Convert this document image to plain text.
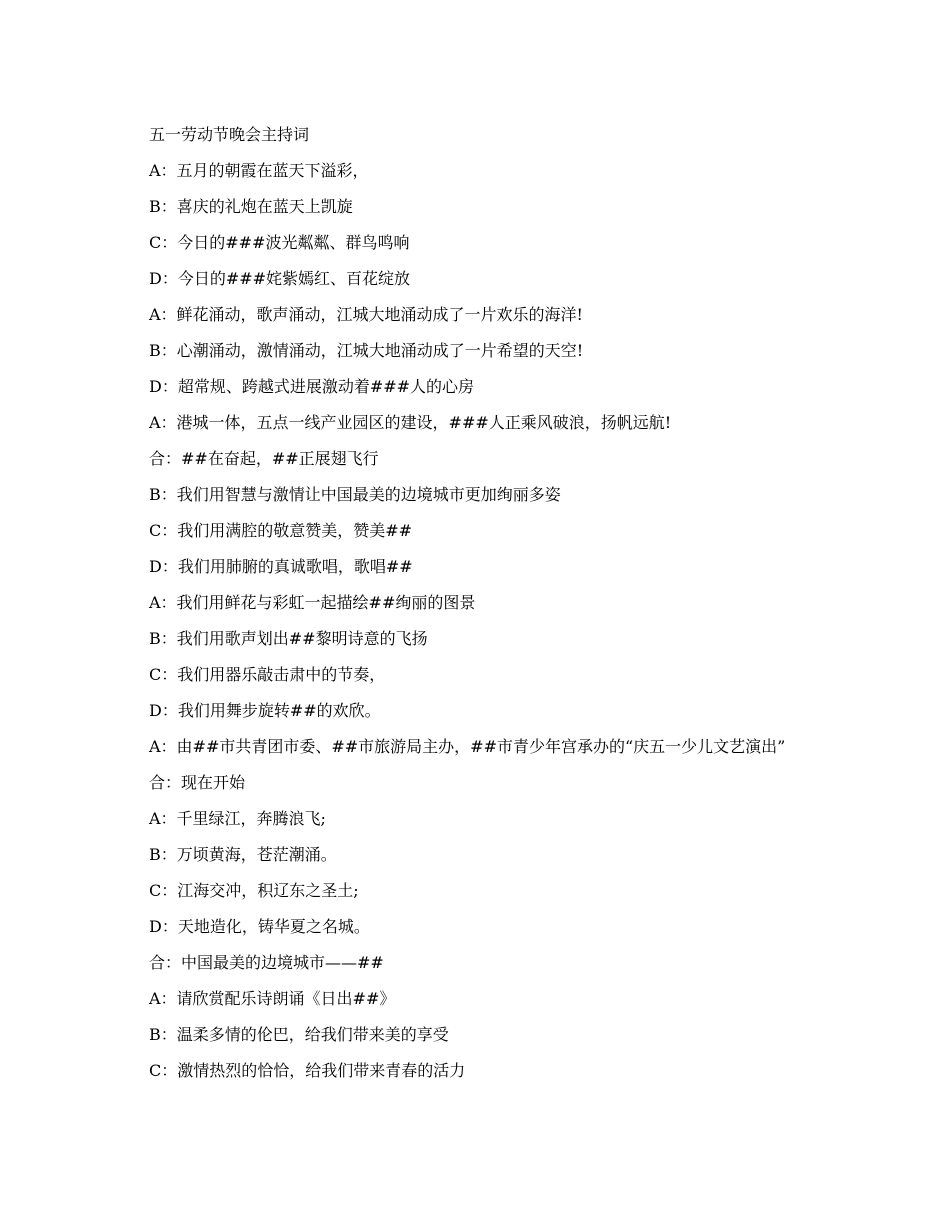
五一劳动节晚会主持词

A：五月的朝霞在蓝天下溢彩，

B：喜庆的礼炮在蓝天上凯旋

C：今日的###波光粼粼、群鸟鸣响

D：今日的###姹紫嫣红、百花绽放

A：鲜花涌动，歌声涌动，江城大地涌动成了一片欢乐的海洋!

B：心潮涌动，激情涌动，江城大地涌动成了一片希望的天空!

D：超常规、跨越式进展激动着###人的心房

A：港城一体，五点一线产业园区的建设，###人正乘风破浪，扬帆远航!

合：##在奋起，##正展翅飞行

B：我们用智慧与激情让中国最美的边境城市更加绚丽多姿

C：我们用满腔的敬意赞美，赞美##

D：我们用肺腑的真诚歌唱，歌唱##

A：我们用鲜花与彩虹一起描绘##绚丽的图景

B：我们用歌声划出##黎明诗意的飞扬

C：我们用器乐敲击肃中的节奏，

D：我们用舞步旋转##的欢欣。

A：由##市共青团市委、##市旅游局主办，##市青少年宫承办的“庆五一少儿文艺演出”

合：现在开始

A：千里绿江，奔腾浪飞;

B：万顷黄海，苍茫潮涌。

C：江海交冲，积辽东之圣土;

D：天地造化，铸华夏之名城。

合：中国最美的边境城市——##

A：请欣赏配乐诗朗诵《日出##》

B：温柔多情的伦巴，给我们带来美的享受

C：激情热烈的恰恰，给我们带来青春的活力
